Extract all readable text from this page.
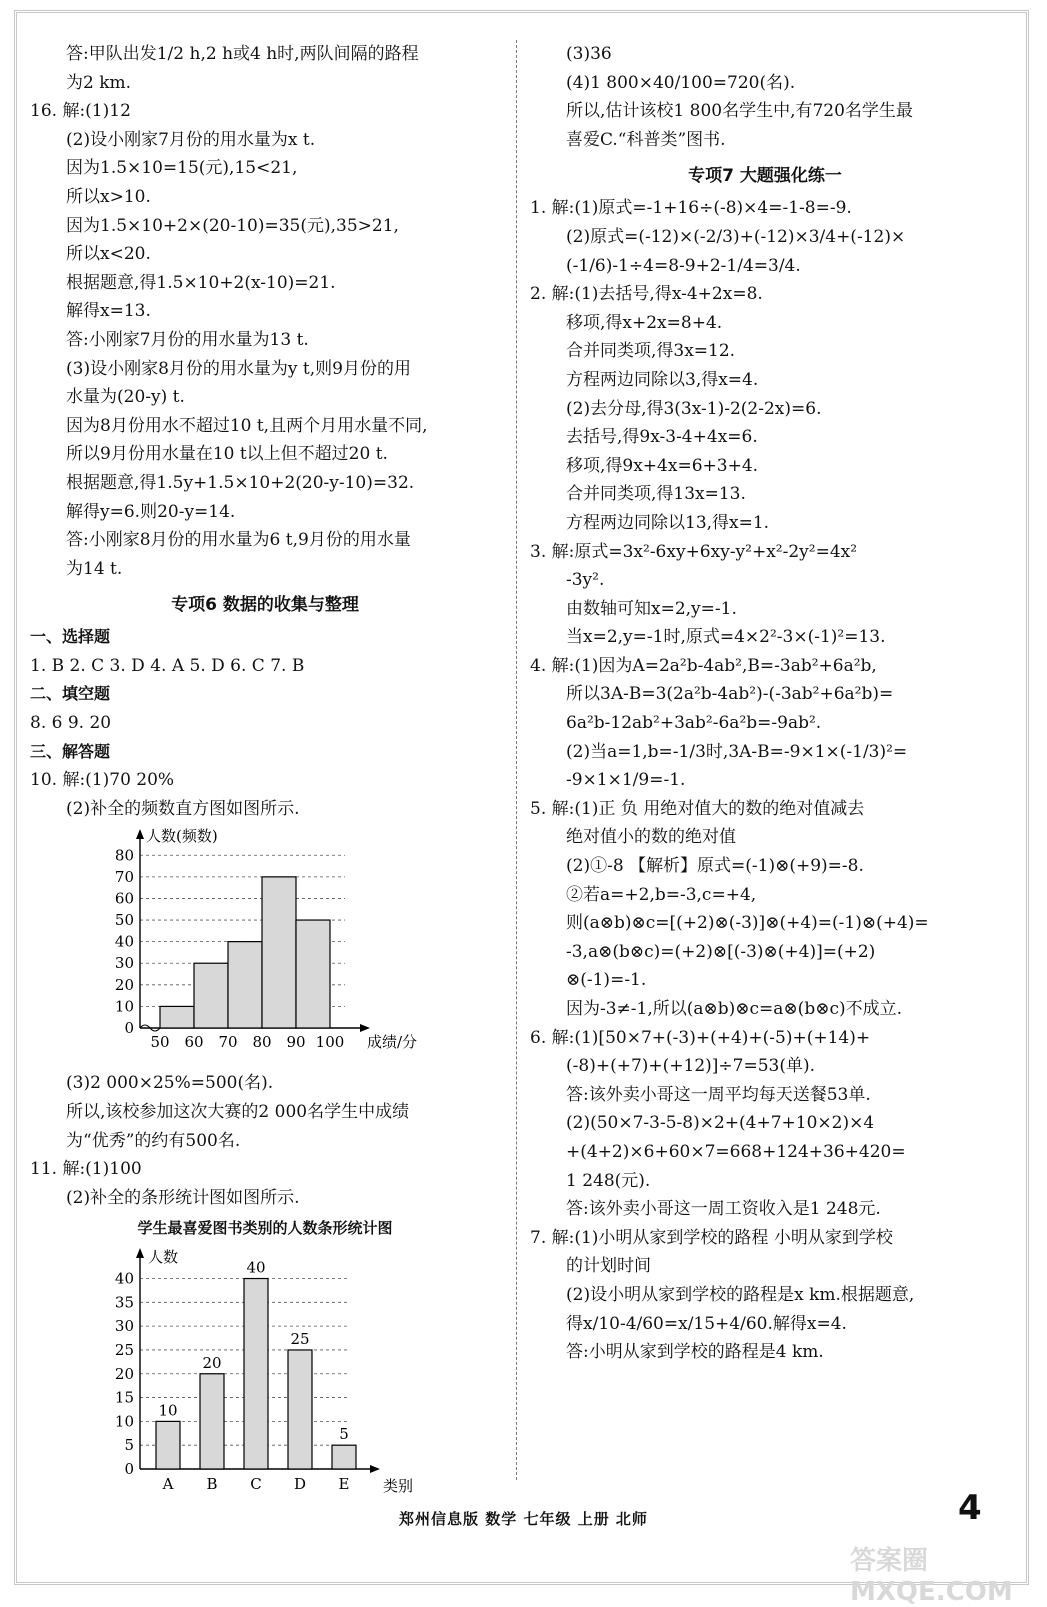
答:甲队出发1/2 h,2 h或4 h时,两队间隔的路程
为2 km.
16. 解:(1)12
(2)设小刚家7月份的用水量为x t.
因为1.5×10=15(元),15<21,
所以x>10.
因为1.5×10+2×(20-10)=35(元),35>21,
所以x<20.
根据题意,得1.5×10+2(x-10)=21.
解得x=13.
答:小刚家7月份的用水量为13 t.
(3)设小刚家8月份的用水量为y t,则9月份的用
水量为(20-y) t.
因为8月份用水不超过10 t,且两个月用水量不同,
所以9月份用水量在10 t以上但不超过20 t.
根据题意,得1.5y+1.5×10+2(20-y-10)=32.
解得y=6.则20-y=14.
答:小刚家8月份的用水量为6 t,9月份的用水量
为14 t.
专项6 数据的收集与整理
一、选择题
1. B 2. C 3. D 4. A 5. D 6. C 7. B
二、填空题
8. 6 9. 20
三、解答题
10. 解:(1)70 20%
(2)补全的频数直方图如图所示.
人数(频数)
0
10
20
30
40
50
60
70
80
50 60 70 80 90 100 成绩/分
(3)2 000×25%=500(名).
所以,该校参加这次大赛的2 000名学生中成绩
为“优秀”的约有500名.
11. 解:(1)100
(2)补全的条形统计图如图所示.
学生最喜爱图书类别的人数条形统计图
人数
0
5
10
15
20
25
30
35
40
10
A
20
B
40
C
25
D
5
E 类别
(3)36
(4)1 800×40/100=720(名).
所以,估计该校1 800名学生中,有720名学生最
喜爱C.“科普类”图书.
专项7 大题强化练一
1. 解:(1)原式=-1+16÷(-8)×4=-1-8=-9.
(2)原式=(-12)×(-2/3)+(-12)×3/4+(-12)×
(-1/6)-1÷4=8-9+2-1/4=3/4.
2. 解:(1)去括号,得x-4+2x=8.
移项,得x+2x=8+4.
合并同类项,得3x=12.
方程两边同除以3,得x=4.
(2)去分母,得3(3x-1)-2(2-2x)=6.
去括号,得9x-3-4+4x=6.
移项,得9x+4x=6+3+4.
合并同类项,得13x=13.
方程两边同除以13,得x=1.
3. 解:原式=3x²-6xy+6xy-y²+x²-2y²=4x²
-3y².
由数轴可知x=2,y=-1.
当x=2,y=-1时,原式=4×2²-3×(-1)²=13.
4. 解:(1)因为A=2a²b-4ab²,B=-3ab²+6a²b,
所以3A-B=3(2a²b-4ab²)-(-3ab²+6a²b)=
6a²b-12ab²+3ab²-6a²b=-9ab².
(2)当a=1,b=-1/3时,3A-B=-9×1×(-1/3)²=
-9×1×1/9=-1.
5. 解:(1)正 负 用绝对值大的数的绝对值减去
绝对值小的数的绝对值
(2)①-8 【解析】原式=(-1)⊗(+9)=-8.
②若a=+2,b=-3,c=+4,
则(a⊗b)⊗c=[(+2)⊗(-3)]⊗(+4)=(-1)⊗(+4)=
-3,a⊗(b⊗c)=(+2)⊗[(-3)⊗(+4)]=(+2)
⊗(-1)=-1.
因为-3≠-1,所以(a⊗b)⊗c=a⊗(b⊗c)不成立.
6. 解:(1)[50×7+(-3)+(+4)+(-5)+(+14)+
(-8)+(+7)+(+12)]÷7=53(单).
答:该外卖小哥这一周平均每天送餐53单.
(2)(50×7-3-5-8)×2+(4+7+10×2)×4
+(4+2)×6+60×7=668+124+36+420=
1 248(元).
答:该外卖小哥这一周工资收入是1 248元.
7. 解:(1)小明从家到学校的路程 小明从家到学校
的计划时间
(2)设小明从家到学校的路程是x km.根据题意,
得x/10-4/60=x/15+4/60.解得x=4.
答:小明从家到学校的路程是4 km.
郑州信息版 数学 七年级 上册 北师	4
答案圈 MXQE.COM
